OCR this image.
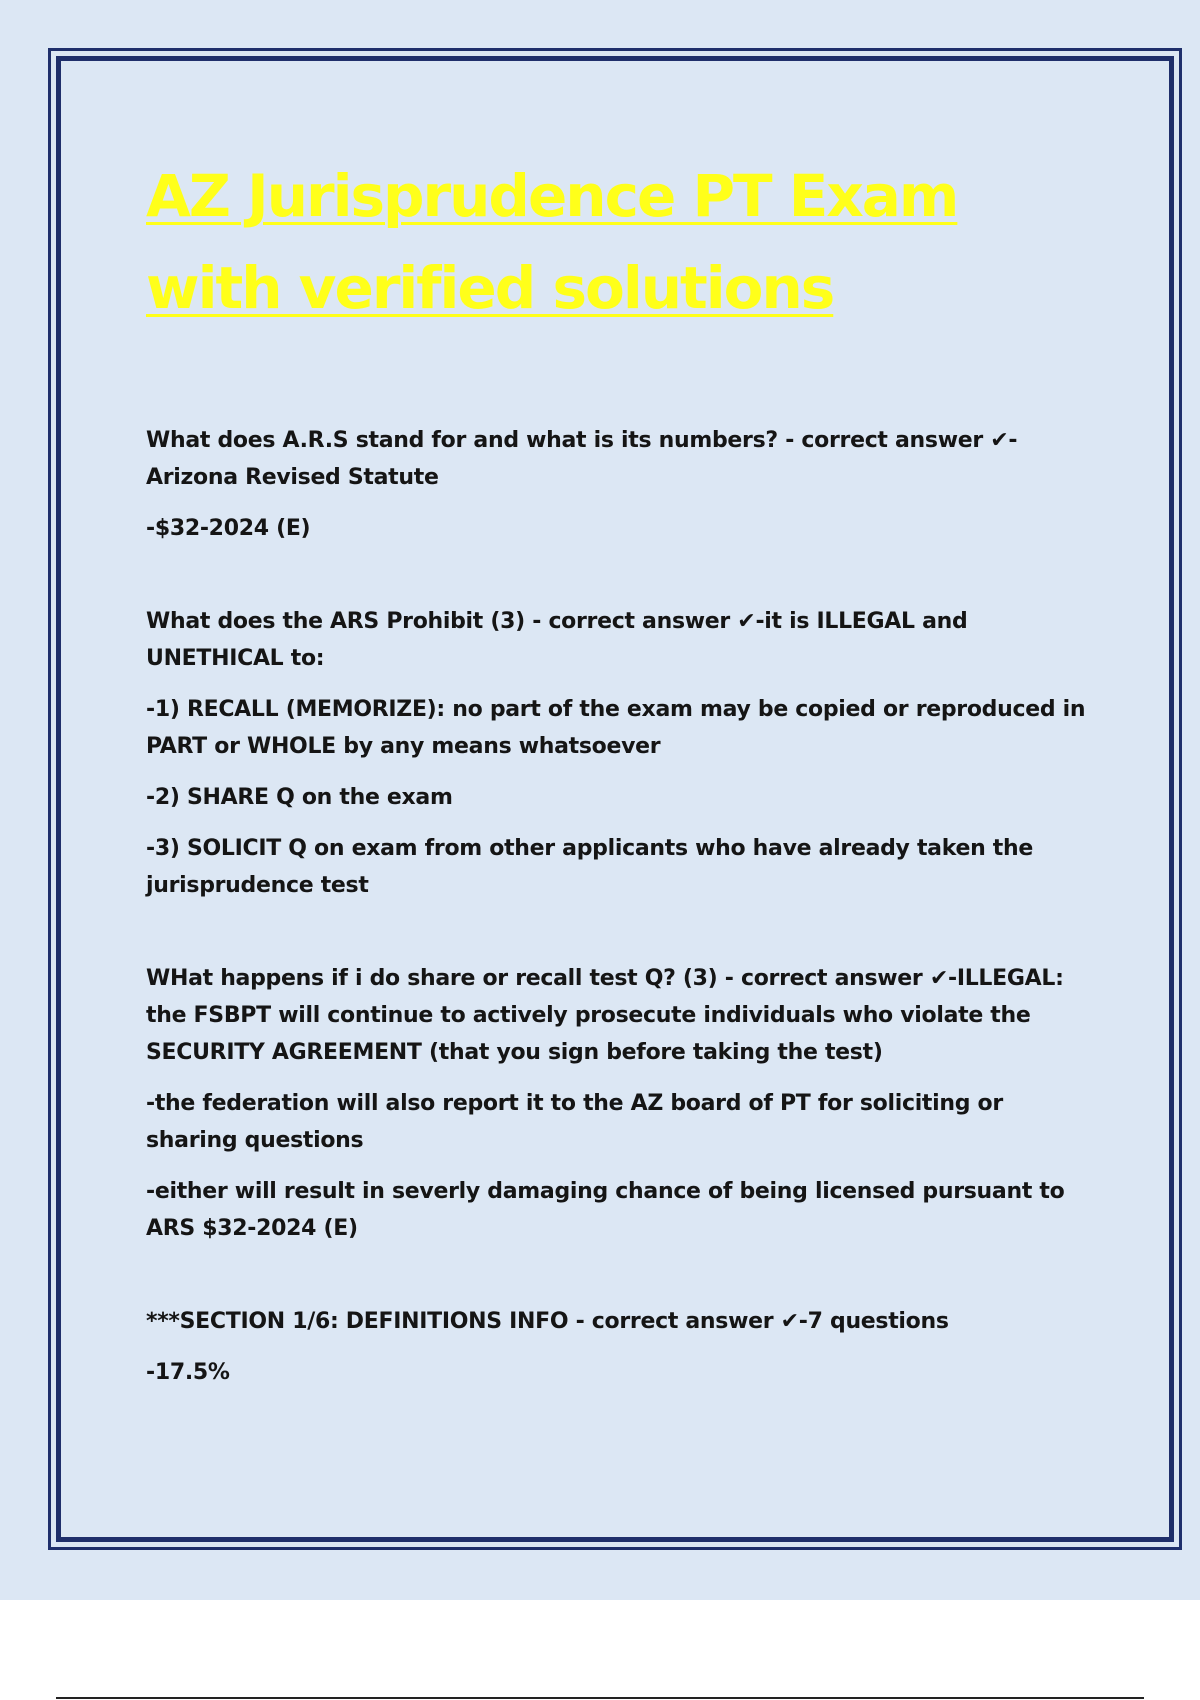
AZ Jurisprudence PT Exam with verified solutions

What does A.R.S stand for and what is its numbers? - correct answer ✔-Arizona Revised Statute

-$32-2024 (E)

What does the ARS Prohibit (3) - correct answer ✔-it is ILLEGAL and UNETHICAL to:

-1) RECALL (MEMORIZE): no part of the exam may be copied or reproduced in PART or WHOLE by any means whatsoever

-2) SHARE Q on the exam

-3) SOLICIT Q on exam from other applicants who have already taken the jurisprudence test

WHat happens if i do share or recall test Q? (3) - correct answer ✔-ILLEGAL: the FSBPT will continue to actively prosecute individuals who violate the SECURITY AGREEMENT (that you sign before taking the test)

-the federation will also report it to the AZ board of PT for soliciting or sharing questions

-either will result in severly damaging chance of being licensed pursuant to ARS $32-2024 (E)

***SECTION 1/6: DEFINITIONS INFO - correct answer ✔-7 questions

-17.5%
